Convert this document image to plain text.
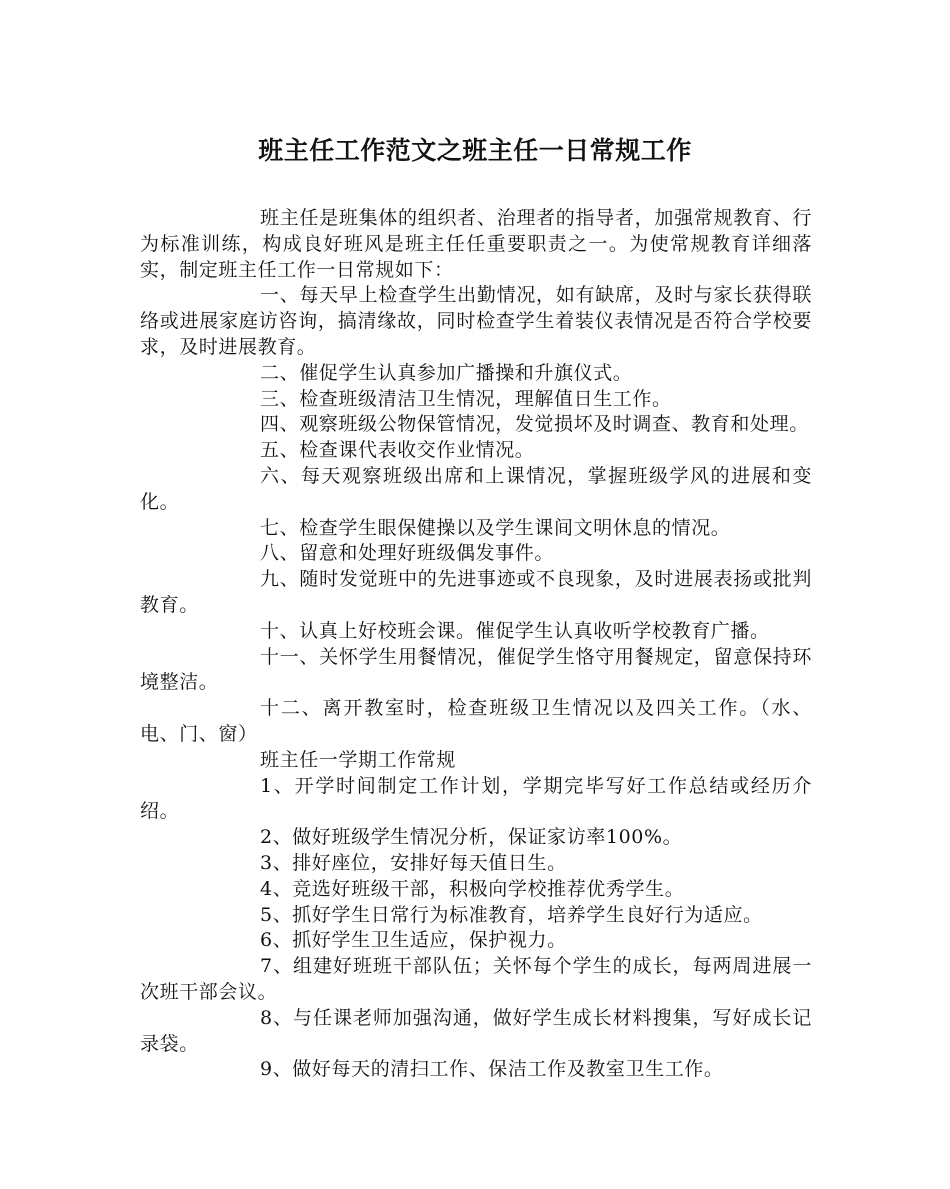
班主任工作范文之班主任一日常规工作

班主任是班集体的组织者、治理者的指导者，加强常规教育、行为标准训练，构成良好班风是班主任任重要职责之一。为使常规教育详细落实，制定班主任工作一日常规如下：

一、每天早上检查学生出勤情况，如有缺席，及时与家长获得联络或进展家庭访咨询，搞清缘故，同时检查学生着装仪表情况是否符合学校要求，及时进展教育。

二、催促学生认真参加广播操和升旗仪式。

三、检查班级清洁卫生情况，理解值日生工作。

四、观察班级公物保管情况，发觉损坏及时调查、教育和处理。

五、检查课代表收交作业情况。

六、每天观察班级出席和上课情况，掌握班级学风的进展和变化。

七、检查学生眼保健操以及学生课间文明休息的情况。

八、留意和处理好班级偶发事件。

九、随时发觉班中的先进事迹或不良现象，及时进展表扬或批判教育。

十、认真上好校班会课。催促学生认真收听学校教育广播。

十一、关怀学生用餐情况，催促学生恪守用餐规定，留意保持环境整洁。

十二、离开教室时，检查班级卫生情况以及四关工作。（水、电、门、窗）

班主任一学期工作常规

1、开学时间制定工作计划，学期完毕写好工作总结或经历介绍。

2、做好班级学生情况分析，保证家访率100%。

3、排好座位，安排好每天值日生。

4、竞选好班级干部，积极向学校推荐优秀学生。

5、抓好学生日常行为标准教育，培养学生良好行为适应。

6、抓好学生卫生适应，保护视力。

7、组建好班班干部队伍；关怀每个学生的成长，每两周进展一次班干部会议。

8、与任课老师加强沟通，做好学生成长材料搜集，写好成长记录袋。

9、做好每天的清扫工作、保洁工作及教室卫生工作。
